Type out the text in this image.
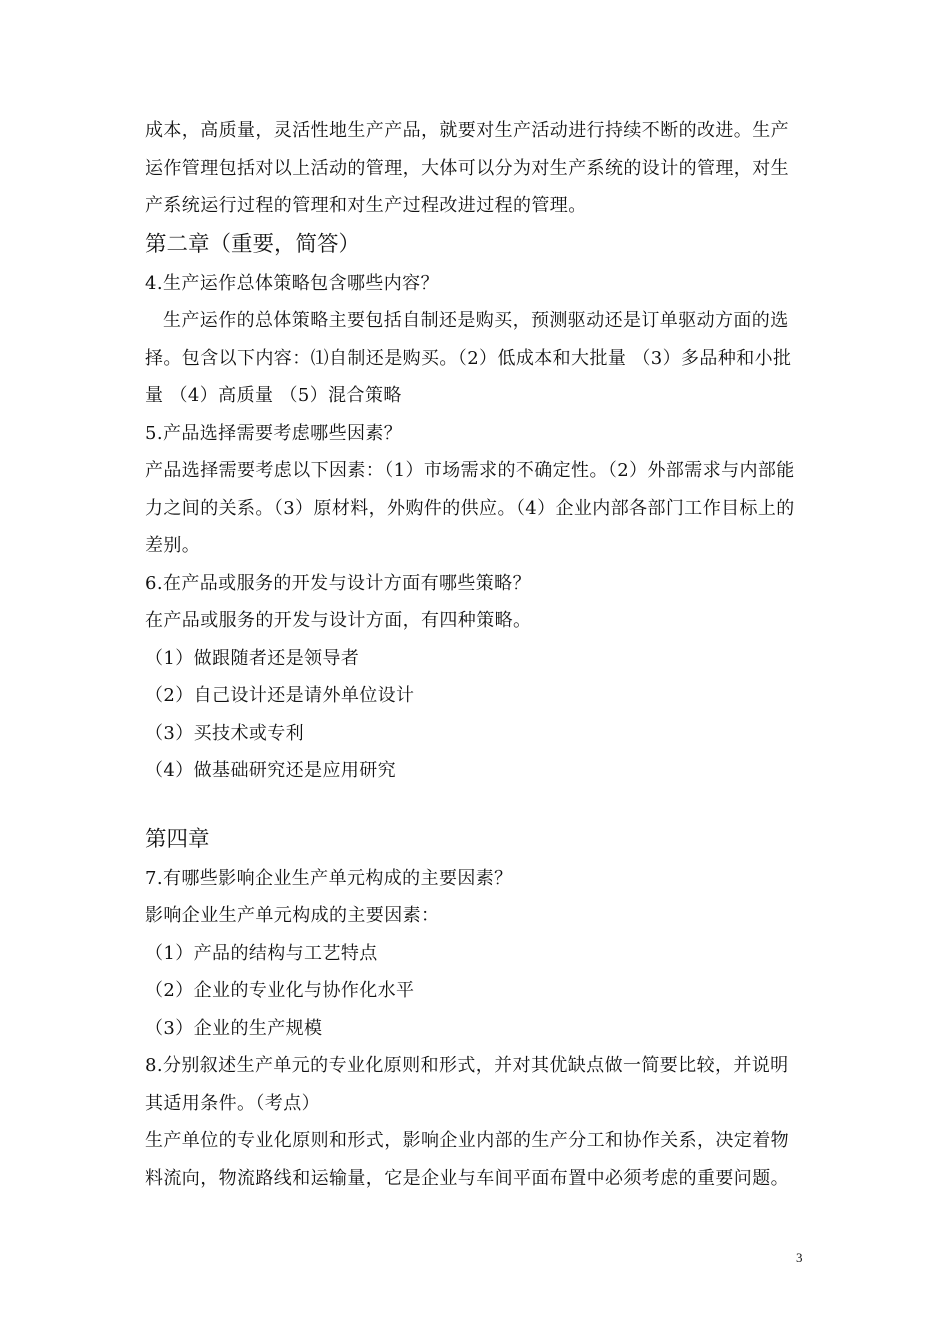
成本，高质量，灵活性地生产产品，就要对生产活动进行持续不断的改进。生产
运作管理包括对以上活动的管理，大体可以分为对生产系统的设计的管理，对生
产系统运行过程的管理和对生产过程改进过程的管理。
第二章（重要，简答）
4.生产运作总体策略包含哪些内容？
生产运作的总体策略主要包括自制还是购买，预测驱动还是订单驱动方面的选
择。包含以下内容：⑴自制还是购买。（2）低成本和大批量 （3）多品种和小批
量 （4）高质量 （5）混合策略
5.产品选择需要考虑哪些因素？
产品选择需要考虑以下因素：（1）市场需求的不确定性。（2）外部需求与内部能
力之间的关系。（3）原材料，外购件的供应。（4）企业内部各部门工作目标上的
差别。
6.在产品或服务的开发与设计方面有哪些策略？
在产品或服务的开发与设计方面，有四种策略。
（1）做跟随者还是领导者
（2）自己设计还是请外单位设计
（3）买技术或专利
（4）做基础研究还是应用研究
第四章
7.有哪些影响企业生产单元构成的主要因素？
影响企业生产单元构成的主要因素：
（1）产品的结构与工艺特点
（2）企业的专业化与协作化水平
（3）企业的生产规模
8.分别叙述生产单元的专业化原则和形式，并对其优缺点做一简要比较，并说明
其适用条件。（考点）
生产单位的专业化原则和形式，影响企业内部的生产分工和协作关系，决定着物
料流向，物流路线和运输量，它是企业与车间平面布置中必须考虑的重要问题。
3
